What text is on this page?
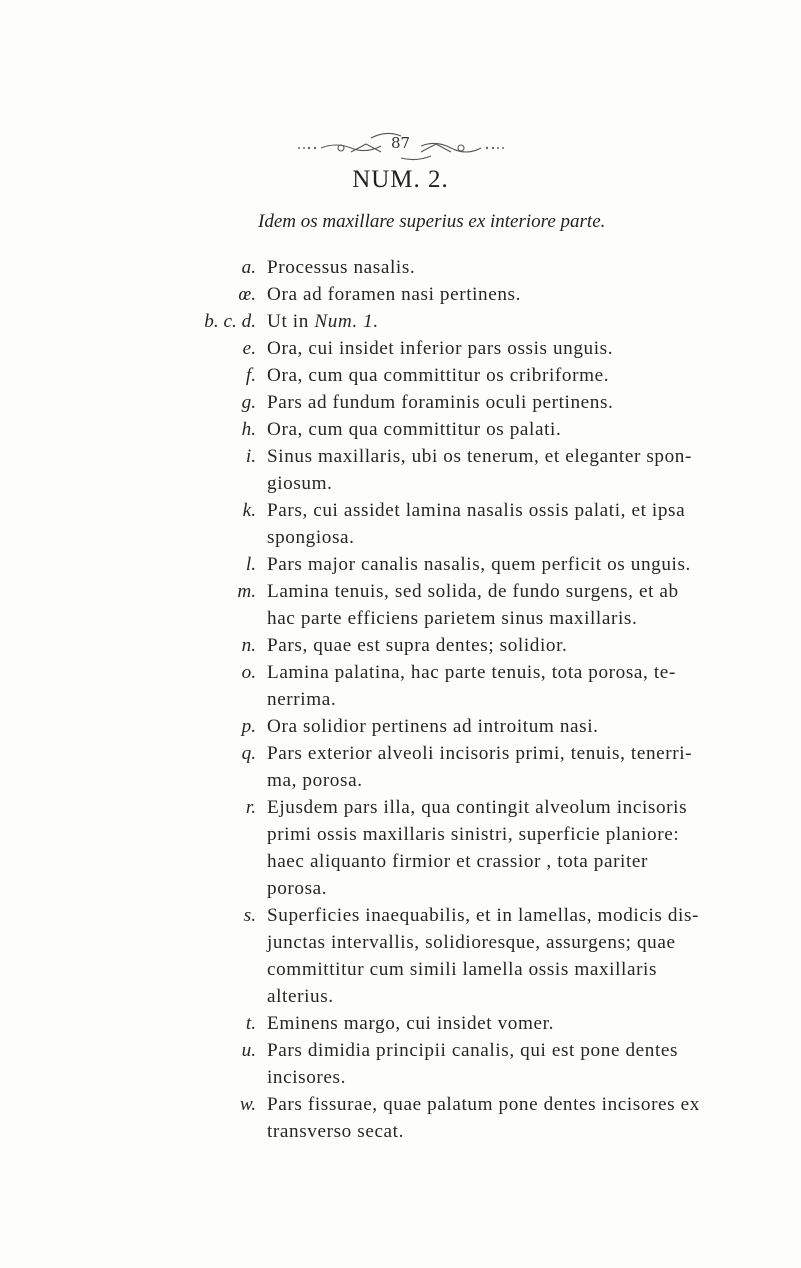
87
NUM. 2.
Idem os maxillare superius ex interiore parte.
a. Processus nasalis.
œ. Ora ad foramen nasi pertinens.
b. c. d. Ut in Num. 1.
e. Ora, cui insidet inferior pars ossis unguis.
f. Ora, cum qua committitur os cribriforme.
g. Pars ad fundum foraminis oculi pertinens.
h. Ora, cum qua committitur os palati.
i. Sinus maxillaris, ubi os tenerum, et eleganter spon-
giosum.
k. Pars, cui assidet lamina nasalis ossis palati, et ipsa
spongiosa.
l. Pars major canalis nasalis, quem perficit os unguis.
m. Lamina tenuis, sed solida, de fundo surgens, et ab
hac parte efficiens parietem sinus maxillaris.
n. Pars, quae est supra dentes; solidior.
o. Lamina palatina, hac parte tenuis, tota porosa, te-
nerrima.
p. Ora solidior pertinens ad introitum nasi.
q. Pars exterior alveoli incisoris primi, tenuis, tenerri-
ma, porosa.
r. Ejusdem pars illa, qua contingit alveolum incisoris
primi ossis maxillaris sinistri, superficie planiore:
haec aliquanto firmior et crassior , tota pariter
porosa.
s. Superficies inaequabilis, et in lamellas, modicis dis-
junctas intervallis, solidioresque, assurgens; quae
committitur cum simili lamella ossis maxillaris
alterius.
t. Eminens margo, cui insidet vomer.
u. Pars dimidia principii canalis, qui est pone dentes
incisores.
w. Pars fissurae, quae palatum pone dentes incisores ex
transverso secat.
